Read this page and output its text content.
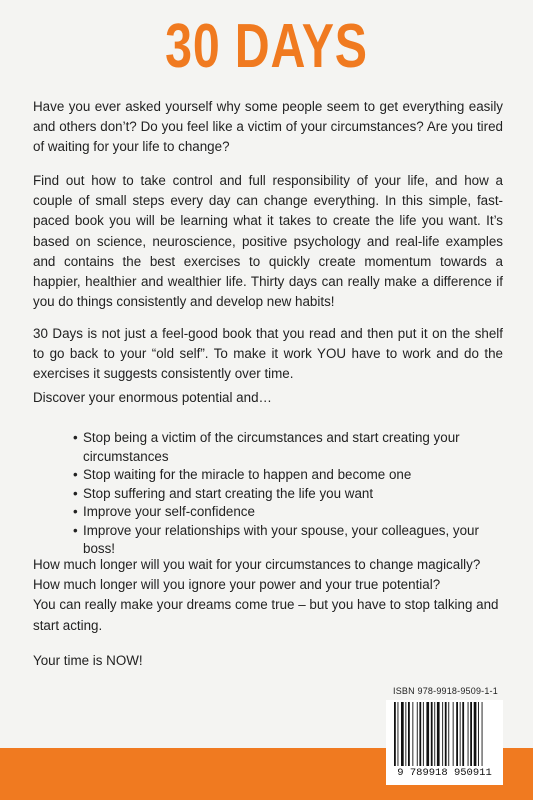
30 DAYS

Have you ever asked yourself why some people seem to get everything easily and others don’t? Do you feel like a victim of your circumstances? Are you tired of waiting for your life to change?

Find out how to take control and full responsibility of your life, and how a couple of small steps every day can change everything. In this simple, fast-paced book you will be learning what it takes to create the life you want. It’s based on science, neuroscience, positive psychology and real-life examples and contains the best exercises to quickly create momentum towards a happier, healthier and wealthier life. Thirty days can really make a difference if you do things consistently and develop new habits!

30 Days is not just a feel-good book that you read and then put it on the shelf to go back to your “old self”. To make it work YOU have to work and do the exercises it suggests consistently over time.

Discover your enormous potential and…

• Stop being a victim of the circumstances and start creating your circumstances
• Stop waiting for the miracle to happen and become one
• Stop suffering and start creating the life you want
• Improve your self-confidence
• Improve your relationships with your spouse, your colleagues, your boss!

How much longer will you wait for your circumstances to change magically?

How much longer will you ignore your power and your true potential?

You can really make your dreams come true – but you have to stop talking and start acting.

Your time is NOW!

ISBN 978-9918-9509-1-1
9 789918 950911
